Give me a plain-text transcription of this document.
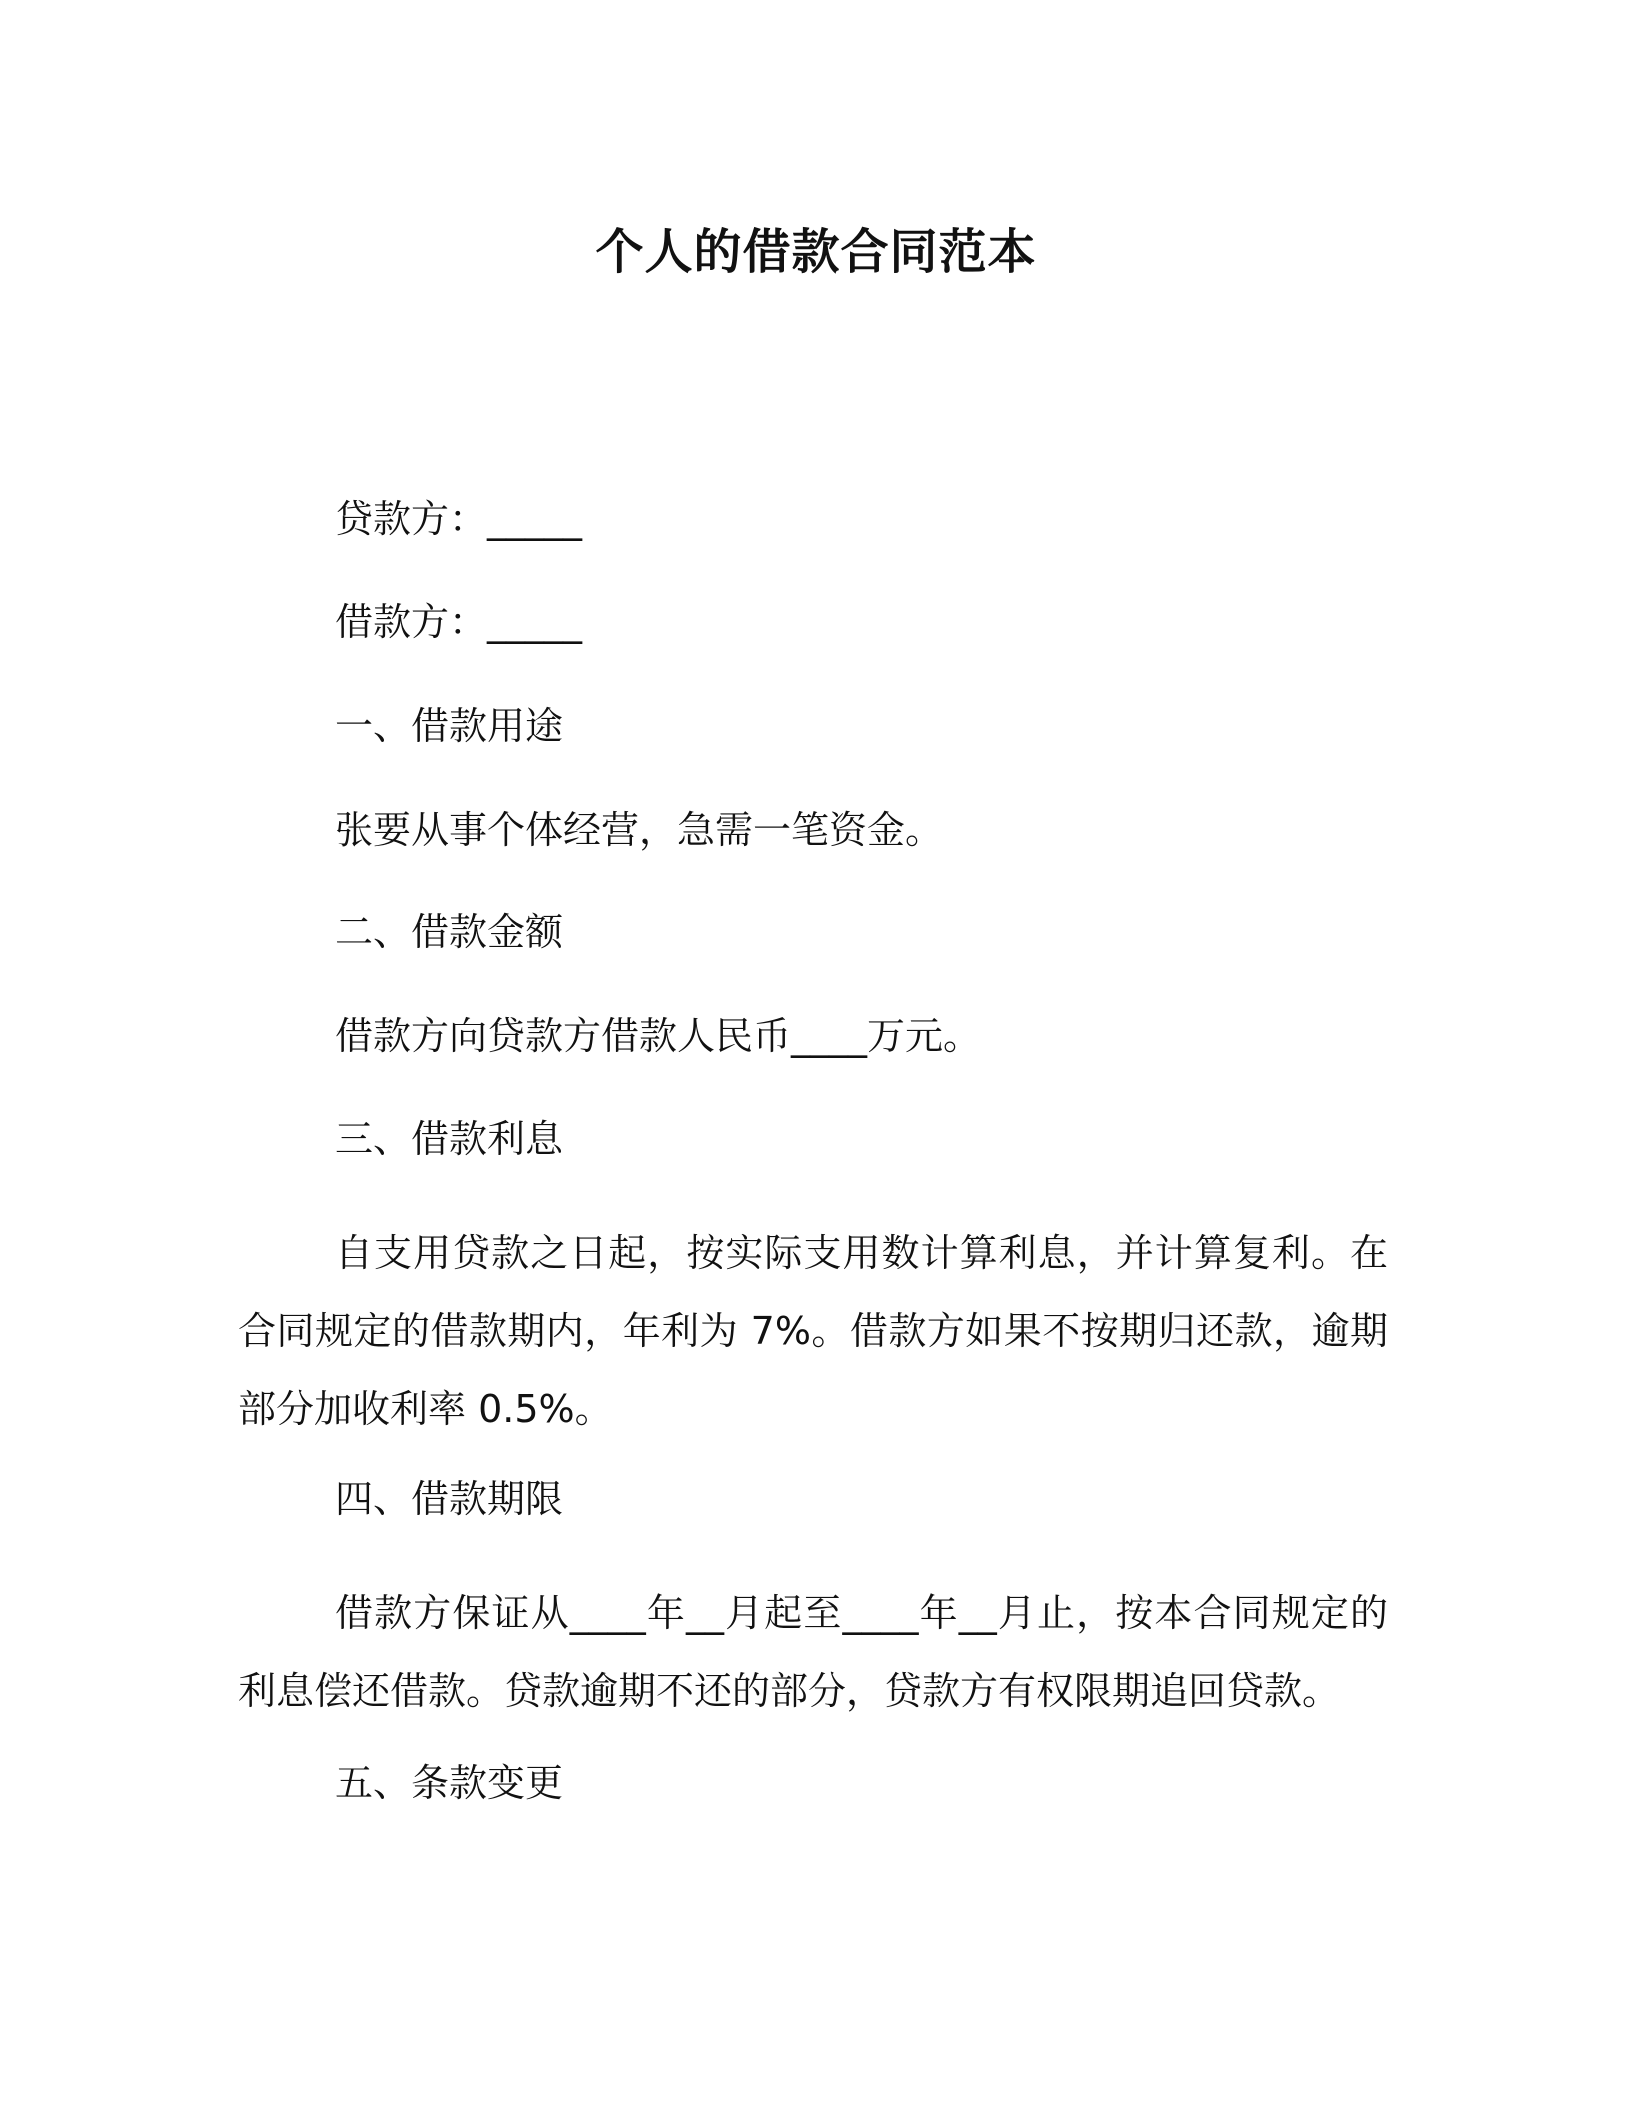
个人的借款合同范本
贷款方：_____
借款方：_____
一、借款用途
张要从事个体经营，急需一笔资金。
二、借款金额
借款方向贷款方借款人民币____万元。
三、借款利息
自支用贷款之日起，按实际支用数计算利息，并计算复利。在合同规定的借款期内，年利为 7%。借款方如果不按期归还款，逾期部分加收利率 0.5%。
四、借款期限
借款方保证从____年__月起至____年__月止，按本合同规定的利息偿还借款。贷款逾期不还的部分，贷款方有权限期追回贷款。
五、条款变更
